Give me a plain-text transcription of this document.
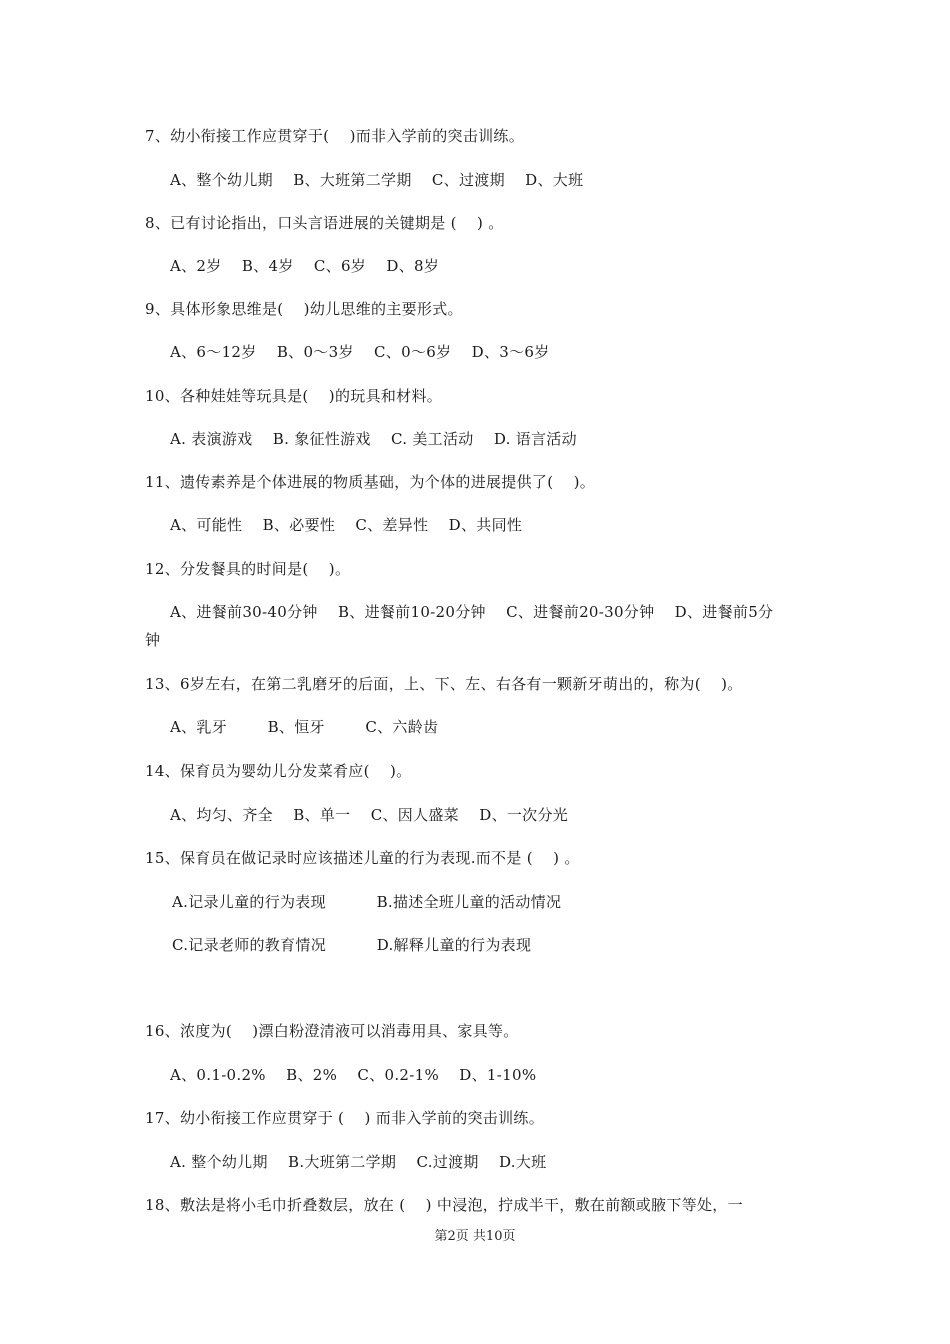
7、幼小衔接工作应贯穿于(    )而非入学前的突击训练。
A、整个幼儿期    B、大班第二学期    C、过渡期    D、大班
8、已有讨论指出，口头言语进展的关键期是 (    ) 。
A、2岁    B、4岁    C、6岁    D、8岁
9、具体形象思维是(    )幼儿思维的主要形式。
A、6～12岁    B、0～3岁    C、0～6岁    D、3～6岁
10、各种娃娃等玩具是(    )的玩具和材料。
A. 表演游戏    B. 象征性游戏    C. 美工活动    D. 语言活动
11、遗传素养是个体进展的物质基础，为个体的进展提供了(    )。
A、可能性    B、必要性    C、差异性    D、共同性
12、分发餐具的时间是(    )。
A、进餐前30-40分钟    B、进餐前10-20分钟    C、进餐前20-30分钟    D、进餐前5分
钟
13、6岁左右，在第二乳磨牙的后面，上、下、左、右各有一颗新牙萌出的，称为(    )。
A、乳牙        B、恒牙        C、六龄齿
14、保育员为婴幼儿分发菜肴应(    )。
A、均匀、齐全    B、单一    C、因人盛菜    D、一次分光
15、保育员在做记录时应该描述儿童的行为表现.而不是 (    ) 。
A.记录儿童的行为表现          B.描述全班儿童的活动情况
C.记录老师的教育情况          D.解释儿童的行为表现
16、浓度为(    )漂白粉澄清液可以消毒用具、家具等。
A、0.1-0.2%    B、2%    C、0.2-1%    D、1-10%
17、幼小衔接工作应贯穿于 (    ) 而非入学前的突击训练。
A. 整个幼儿期    B.大班第二学期    C.过渡期    D.大班
18、敷法是将小毛巾折叠数层，放在 (    ) 中浸泡，拧成半干，敷在前额或腋下等处，一
第2页 共10页
